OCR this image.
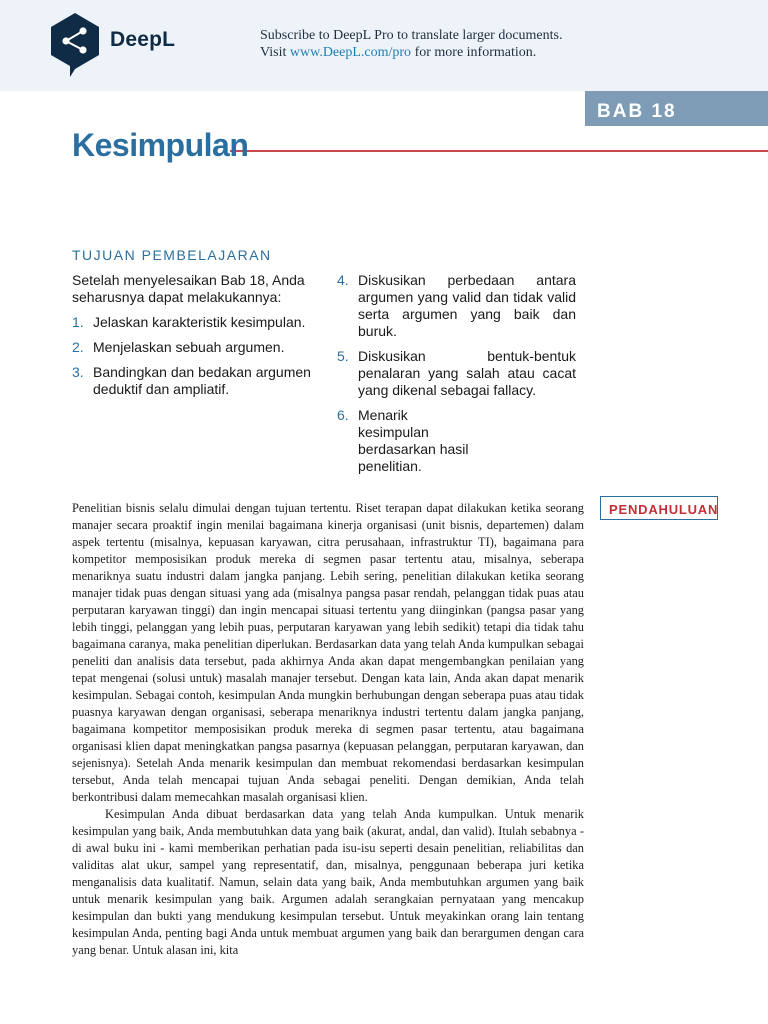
DeepL	Subscribe to DeepL Pro to translate larger documents.
Visit www.DeepL.com/pro for more information.
BAB 18
Kesimpulan
TUJUAN PEMBELAJARAN

Setelah menyelesaikan Bab 18, Anda seharusnya dapat melakukannya:

1. Jelaskan karakteristik kesimpulan.
2. Menjelaskan sebuah argumen.
3. Bandingkan dan bedakan argumen deduktif dan ampliatif.
4. Diskusikan perbedaan antara argumen yang valid dan tidak valid serta argumen yang baik dan buruk.
5. Diskusikan bentuk-bentuk penalaran yang salah atau cacat yang dikenal sebagai fallacy.
6. Menarik kesimpulan berdasarkan hasil penelitian.
PENDAHULUAN

Penelitian bisnis selalu dimulai dengan tujuan tertentu. Riset terapan dapat dilakukan ketika seorang manajer secara proaktif ingin menilai bagaimana kinerja organisasi (unit bisnis, departemen) dalam aspek tertentu (misalnya, kepuasan karyawan, citra perusahaan, infrastruktur TI), bagaimana para kompetitor memposisikan produk mereka di segmen pasar tertentu atau, misalnya, seberapa menariknya suatu industri dalam jangka panjang. Lebih sering, penelitian dilakukan ketika seorang manajer tidak puas dengan situasi yang ada (misalnya pangsa pasar rendah, pelanggan tidak puas atau perputaran karyawan tinggi) dan ingin mencapai situasi tertentu yang diinginkan (pangsa pasar yang lebih tinggi, pelanggan yang lebih puas, perputaran karyawan yang lebih sedikit) tetapi dia tidak tahu bagaimana caranya, maka penelitian diperlukan. Berdasarkan data yang telah Anda kumpulkan sebagai peneliti dan analisis data tersebut, pada akhirnya Anda akan dapat mengembangkan penilaian yang tepat mengenai (solusi untuk) masalah manajer tersebut. Dengan kata lain, Anda akan dapat menarik kesimpulan. Sebagai contoh, kesimpulan Anda mungkin berhubungan dengan seberapa puas atau tidak puasnya karyawan dengan organisasi, seberapa menariknya industri tertentu dalam jangka panjang, bagaimana kompetitor memposisikan produk mereka di segmen pasar tertentu, atau bagaimana organisasi klien dapat meningkatkan pangsa pasarnya (kepuasan pelanggan, perputaran karyawan, dan sejenisnya). Setelah Anda menarik kesimpulan dan membuat rekomendasi berdasarkan kesimpulan tersebut, Anda telah mencapai tujuan Anda sebagai peneliti. Dengan demikian, Anda telah berkontribusi dalam memecahkan masalah organisasi klien.

Kesimpulan Anda dibuat berdasarkan data yang telah Anda kumpulkan. Untuk menarik kesimpulan yang baik, Anda membutuhkan data yang baik (akurat, andal, dan valid). Itulah sebabnya - di awal buku ini - kami memberikan perhatian pada isu-isu seperti desain penelitian, reliabilitas dan validitas alat ukur, sampel yang representatif, dan, misalnya, penggunaan beberapa juri ketika menganalisis data kualitatif. Namun, selain data yang baik, Anda membutuhkan argumen yang baik untuk menarik kesimpulan yang baik. Argumen adalah serangkaian pernyataan yang mencakup kesimpulan dan bukti yang mendukung kesimpulan tersebut. Untuk meyakinkan orang lain tentang kesimpulan Anda, penting bagi Anda untuk membuat argumen yang baik dan berargumen dengan cara yang benar. Untuk alasan ini, kita
